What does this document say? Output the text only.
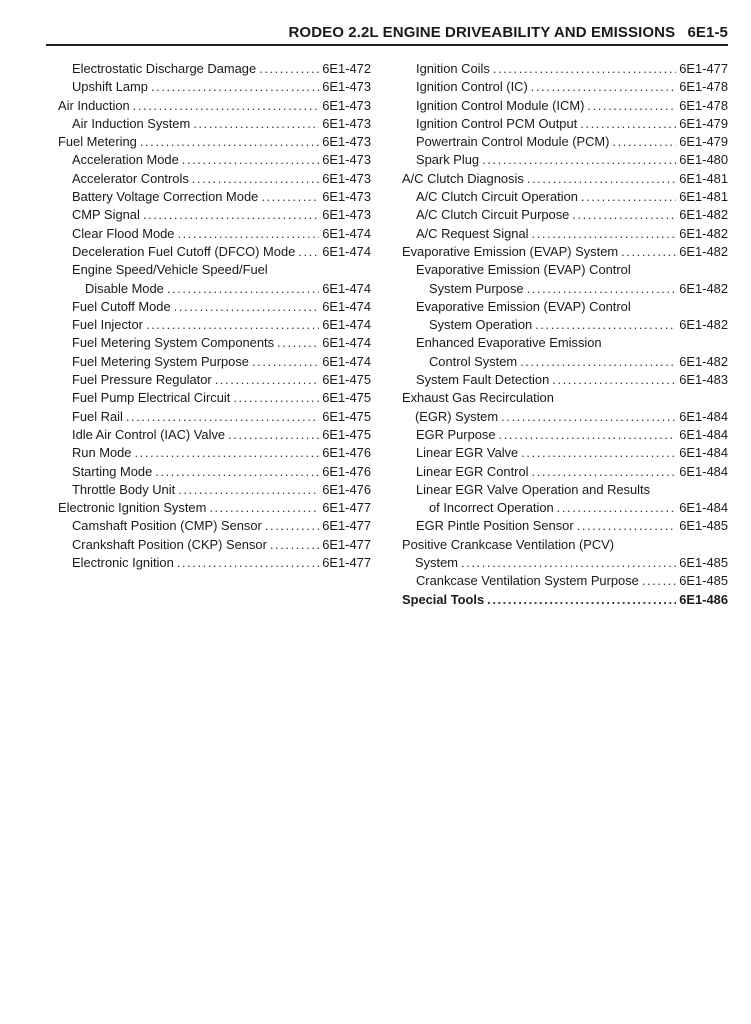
RODEO 2.2L ENGINE DRIVEABILITY AND EMISSIONS 6E1-5
Electrostatic Discharge Damage .....	6E1-472
Upshift Lamp .....	6E1-473
Air Induction .....	6E1-473
Air Induction System .....	6E1-473
Fuel Metering .....	6E1-473
Acceleration Mode .....	6E1-473
Accelerator Controls .....	6E1-473
Battery Voltage Correction Mode .....	6E1-473
CMP Signal .....	6E1-473
Clear Flood Mode .....	6E1-474
Deceleration Fuel Cutoff (DFCO) Mode ..... 6E1-474
Engine Speed/Vehicle Speed/Fuel
Disable Mode .....	6E1-474
Fuel Cutoff Mode .....	6E1-474
Fuel Injector .....	6E1-474
Fuel Metering System Components .....	6E1-474
Fuel Metering System Purpose .....	6E1-474
Fuel Pressure Regulator .....	6E1-475
Fuel Pump Electrical Circuit .....	6E1-475
Fuel Rail .....	6E1-475
Idle Air Control (IAC) Valve .....	6E1-475
Run Mode .....	6E1-476
Starting Mode .....	6E1-476
Throttle Body Unit .....	6E1-476
Electronic Ignition System .....	6E1-477
Camshaft Position (CMP) Sensor .....	6E1-477
Crankshaft Position (CKP) Sensor .....	6E1-477
Electronic Ignition .....	6E1-477
Ignition Coils .....	6E1-477
Ignition Control (IC) .....	6E1-478
Ignition Control Module (ICM) .....	6E1-478
Ignition Control PCM Output .....	6E1-479
Powertrain Control Module (PCM) .....	6E1-479
Spark Plug .....	6E1-480
A/C Clutch Diagnosis .....	6E1-481
A/C Clutch Circuit Operation .....	6E1-481
A/C Clutch Circuit Purpose .....	6E1-482
A/C Request Signal .....	6E1-482
Evaporative Emission (EVAP) System .....	6E1-482
Evaporative Emission (EVAP) Control
System Purpose .....	6E1-482
Evaporative Emission (EVAP) Control
System Operation .....	6E1-482
Enhanced Evaporative Emission
Control System .....	6E1-482
System Fault Detection .....	6E1-483
Exhaust Gas Recirculation
(EGR) System .....	6E1-484
EGR Purpose .....	6E1-484
Linear EGR Valve .....	6E1-484
Linear EGR Control .....	6E1-484
Linear EGR Valve Operation and Results
of Incorrect Operation .....	6E1-484
EGR Pintle Position Sensor .....	6E1-485
Positive Crankcase Ventilation (PCV)
System .....	6E1-485
Crankcase Ventilation System Purpose .....	6E1-485
Special Tools .....	6E1-486
